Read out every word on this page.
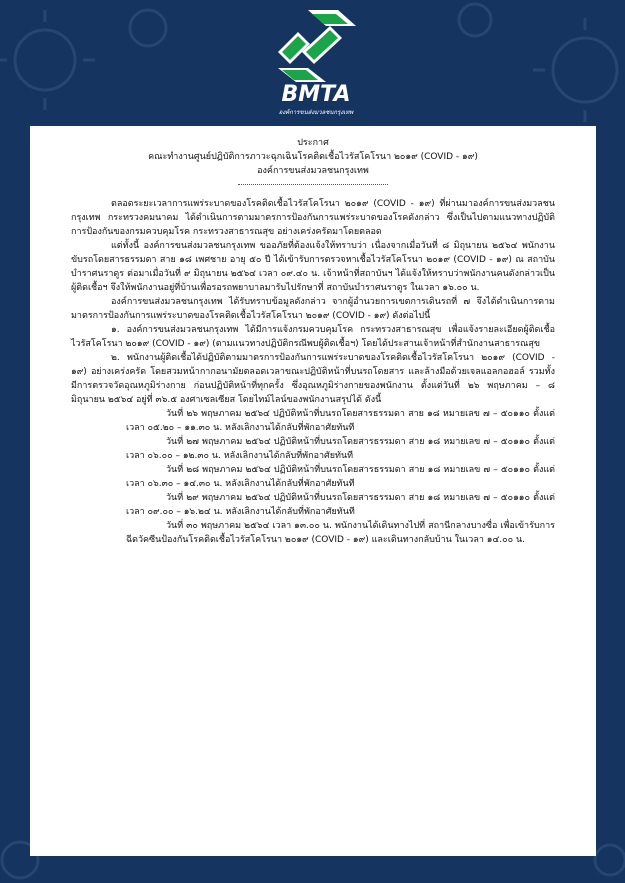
BMTA
องค์การขนส่งมวลชนกรุงเทพ
ประกาศ
คณะทำงานศูนย์ปฏิบัติการภาวะฉุกเฉินโรคติดเชื้อไวรัสโคโรนา ๒๐๑๙ (COVID - ๑๙)
องค์การขนส่งมวลชนกรุงเทพ

ตลอดระยะเวลาการแพร่ระบาดของโรคติดเชื้อไวรัสโคโรนา ๒๐๑๙ (COVID - ๑๙) ที่ผ่านมาองค์การขนส่งมวลชนกรุงเทพ กระทรวงคมนาคม ได้ดำเนินการตามมาตรการป้องกันการแพร่ระบาดของโรคดังกล่าว ซึ่งเป็นไปตามแนวทางปฏิบัติการป้องกันของกรมควบคุมโรค กระทรวงสาธารณสุข อย่างเคร่งครัดมาโดยตลอด

แต่ทั้งนี้ องค์การขนส่งมวลชนกรุงเทพ ขออภัยที่ต้องแจ้งให้ทราบว่า เนื่องจากเมื่อวันที่ ๘ มิถุนายน ๒๕๖๔ พนักงานขับรถโดยสารธรรมดา สาย ๑๘ เพศชาย อายุ ๕๐ ปี ได้เข้ารับการตรวจหาเชื้อไวรัสโคโรนา ๒๐๑๙ (COVID - ๑๙) ณ สถาบันบำราศนราดูร ต่อมาเมื่อวันที่ ๙ มิถุนายน ๒๕๖๔ เวลา ๐๙.๔๐ น. เจ้าหน้าที่สถาบันฯ ได้แจ้งให้ทราบว่าพนักงานคนดังกล่าวเป็นผู้ติดเชื้อฯ จึงให้พนักงานอยู่ที่บ้านเพื่อรอรถพยาบาลมารับไปรักษาที่ สถาบันบำราศนราดูร ในเวลา ๑๖.๐๐ น.

องค์การขนส่งมวลชนกรุงเทพ ได้รับทราบข้อมูลดังกล่าว จากผู้อำนวยการเขตการเดินรถที่ ๗ จึงได้ดำเนินการตามมาตรการป้องกันการแพร่ระบาดของโรคติดเชื้อไวรัสโคโรนา ๒๐๑๙ (COVID - ๑๙) ดังต่อไปนี้

๑. องค์การขนส่งมวลชนกรุงเทพ ได้มีการแจ้งกรมควบคุมโรค กระทรวงสาธารณสุข เพื่อแจ้งรายละเอียดผู้ติดเชื้อไวรัสโคโรนา ๒๐๑๙ (COVID - ๑๙) (ตามแนวทางปฏิบัติกรณีพบผู้ติดเชื้อฯ) โดยได้ประสานเจ้าหน้าที่สำนักงานสาธารณสุข

๒. พนักงานผู้ติดเชื้อได้ปฏิบัติตามมาตรการป้องกันการแพร่ระบาดของโรคติดเชื้อไวรัสโคโรนา ๒๐๑๙ (COVID - ๑๙) อย่างเคร่งครัด โดยสวมหน้ากากอนามัยตลอดเวลาขณะปฏิบัติหน้าที่บนรถโดยสาร และล้างมือด้วยเจลแอลกอฮอล์ รวมทั้ง มีการตรวจวัดอุณหภูมิร่างกาย ก่อนปฏิบัติหน้าที่ทุกครั้ง ซึ่งอุณหภูมิร่างกายของพนักงาน ตั้งแต่วันที่ ๒๖ พฤษภาคม – ๘ มิถุนายน ๒๕๖๔ อยู่ที่ ๓๖.๕ องศาเซลเซียส โดยไทม์ไลน์ของพนักงานสรุปได้ ดังนี้

วันที่ ๒๖ พฤษภาคม ๒๕๖๔ ปฏิบัติหน้าที่บนรถโดยสารธรรมดา สาย ๑๘ หมายเลข ๗ – ๕๐๑๑๐ ตั้งแต่เวลา ๐๕.๒๐ – ๑๑.๓๐ น. หลังเลิกงานได้กลับที่พักอาศัยทันที

วันที่ ๒๗ พฤษภาคม ๒๕๖๔ ปฏิบัติหน้าที่บนรถโดยสารธรรมดา สาย ๑๘ หมายเลข ๗ – ๕๐๑๑๐ ตั้งแต่เวลา ๐๖.๐๐ – ๑๒.๓๐ น. หลังเลิกงานได้กลับที่พักอาศัยทันที

วันที่ ๒๘ พฤษภาคม ๒๕๖๔ ปฏิบัติหน้าที่บนรถโดยสารธรรมดา สาย ๑๘ หมายเลข ๗ – ๕๐๑๑๐ ตั้งแต่เวลา ๐๖.๓๐ – ๑๔.๓๐ น. หลังเลิกงานได้กลับที่พักอาศัยทันที

วันที่ ๒๙ พฤษภาคม ๒๕๖๔ ปฏิบัติหน้าที่บนรถโดยสารธรรมดา สาย ๑๘ หมายเลข ๗ – ๕๐๑๑๐ ตั้งแต่เวลา ๐๙.๐๐ – ๑๖.๒๔ น. หลังเลิกงานได้กลับที่พักอาศัยทันที

วันที่ ๓๐ พฤษภาคม ๒๕๖๔ เวลา ๑๓.๐๐ น. พนักงานได้เดินทางไปที่ สถานีกลางบางซื่อ เพื่อเข้ารับการฉีดวัคซีนป้องกันโรคติดเชื้อไวรัสโคโรนา ๒๐๑๙ (COVID - ๑๙) และเดินทางกลับบ้าน ในเวลา ๑๔.๐๐ น.
